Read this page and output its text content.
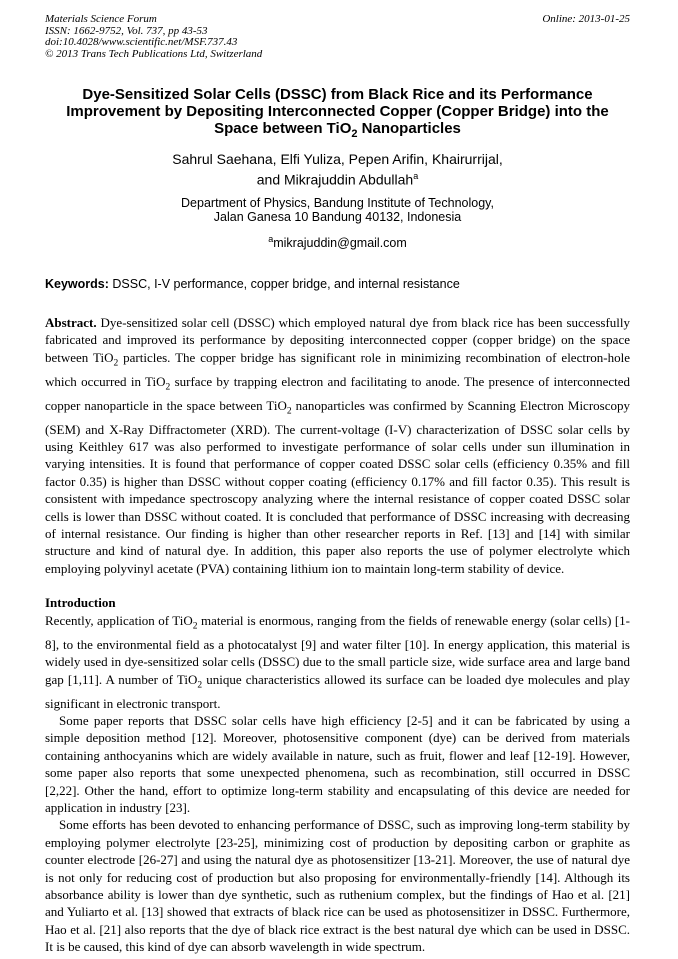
Materials Science Forum	Online: 2013-01-25
ISSN: 1662-9752, Vol. 737, pp 43-53
doi:10.4028/www.scientific.net/MSF.737.43
© 2013 Trans Tech Publications Ltd, Switzerland
Dye-Sensitized Solar Cells (DSSC) from Black Rice and its Performance Improvement by Depositing Interconnected Copper (Copper Bridge) into the Space between TiO$_2$ Nanoparticles
Sahrul Saehana, Elfi Yuliza, Pepen Arifin, Khairurrijal,
and Mikrajuddin Abdullah$^a$
Department of Physics, Bandung Institute of Technology,
Jalan Ganesa 10 Bandung 40132, Indonesia
$^a$mikrajuddin@gmail.com

Keywords: DSSC, I-V performance, copper bridge, and internal resistance

Abstract. Dye-sensitized solar cell (DSSC) which employed natural dye from black rice has been successfully fabricated and improved its performance by depositing interconnected copper (copper bridge) on the space between TiO$_2$ particles. The copper bridge has significant role in minimizing recombination of electron-hole which occurred in TiO$_2$ surface by trapping electron and facilitating to anode. The presence of interconnected copper nanoparticle in the space between TiO$_2$ nanoparticles was confirmed by Scanning Electron Microscopy (SEM) and X-Ray Diffractometer (XRD). The current-voltage (I-V) characterization of DSSC solar cells by using Keithley 617 was also performed to investigate performance of solar cells under sun illumination in varying intensities. It is found that performance of copper coated DSSC solar cells (efficiency 0.35% and fill factor 0.35) is higher than DSSC without copper coating (efficiency 0.17% and fill factor 0.35). This result is consistent with impedance spectroscopy analyzing where the internal resistance of copper coated DSSC solar cells is lower than DSSC without coated. It is concluded that performance of DSSC increasing with decreasing of internal resistance. Our finding is higher than other researcher reports in Ref. [13] and [14] with similar structure and kind of natural dye. In addition, this paper also reports the use of polymer electrolyte which employing polyvinyl acetate (PVA) containing lithium ion to maintain long-term stability of device.

Introduction

Recently, application of TiO$_2$ material is enormous, ranging from the fields of renewable energy (solar cells) [1-8], to the environmental field as a photocatalyst [9] and water filter [10]. In energy application, this material is widely used in dye-sensitized solar cells (DSSC) due to the small particle size, wide surface area and large band gap [1,11]. A number of TiO$_2$ unique characteristics allowed its surface can be loaded dye molecules and play significant in electronic transport.

Some paper reports that DSSC solar cells have high efficiency [2-5] and it can be fabricated by using a simple deposition method [12]. Moreover, photosensitive component (dye) can be derived from materials containing anthocyanins which are widely available in nature, such as fruit, flower and leaf [12-19]. However, some paper also reports that some unexpected phenomena, such as recombination, still occurred in DSSC [2,22]. Other the hand, effort to optimize long-term stability and encapsulating of this device are needed for application in industry [23].

Some efforts has been devoted to enhancing performance of DSSC, such as improving long-term stability by employing polymer electrolyte [23-25], minimizing cost of production by depositing carbon or graphite as counter electrode [26-27] and using the natural dye as photosensitizer [13-21]. Moreover, the use of natural dye is not only for reducing cost of production but also proposing for environmentally-friendly [14]. Although its absorbance ability is lower than dye synthetic, such as ruthenium complex, but the findings of Hao et al. [21] and Yuliarto et al. [13] showed that extracts of black rice can be used as photosensitizer in DSSC. Furthermore, Hao et al. [21] also reports that the dye of black rice extract is the best natural dye which can be used in DSSC. It is be caused, this kind of dye can absorb wavelength in wide spectrum.
